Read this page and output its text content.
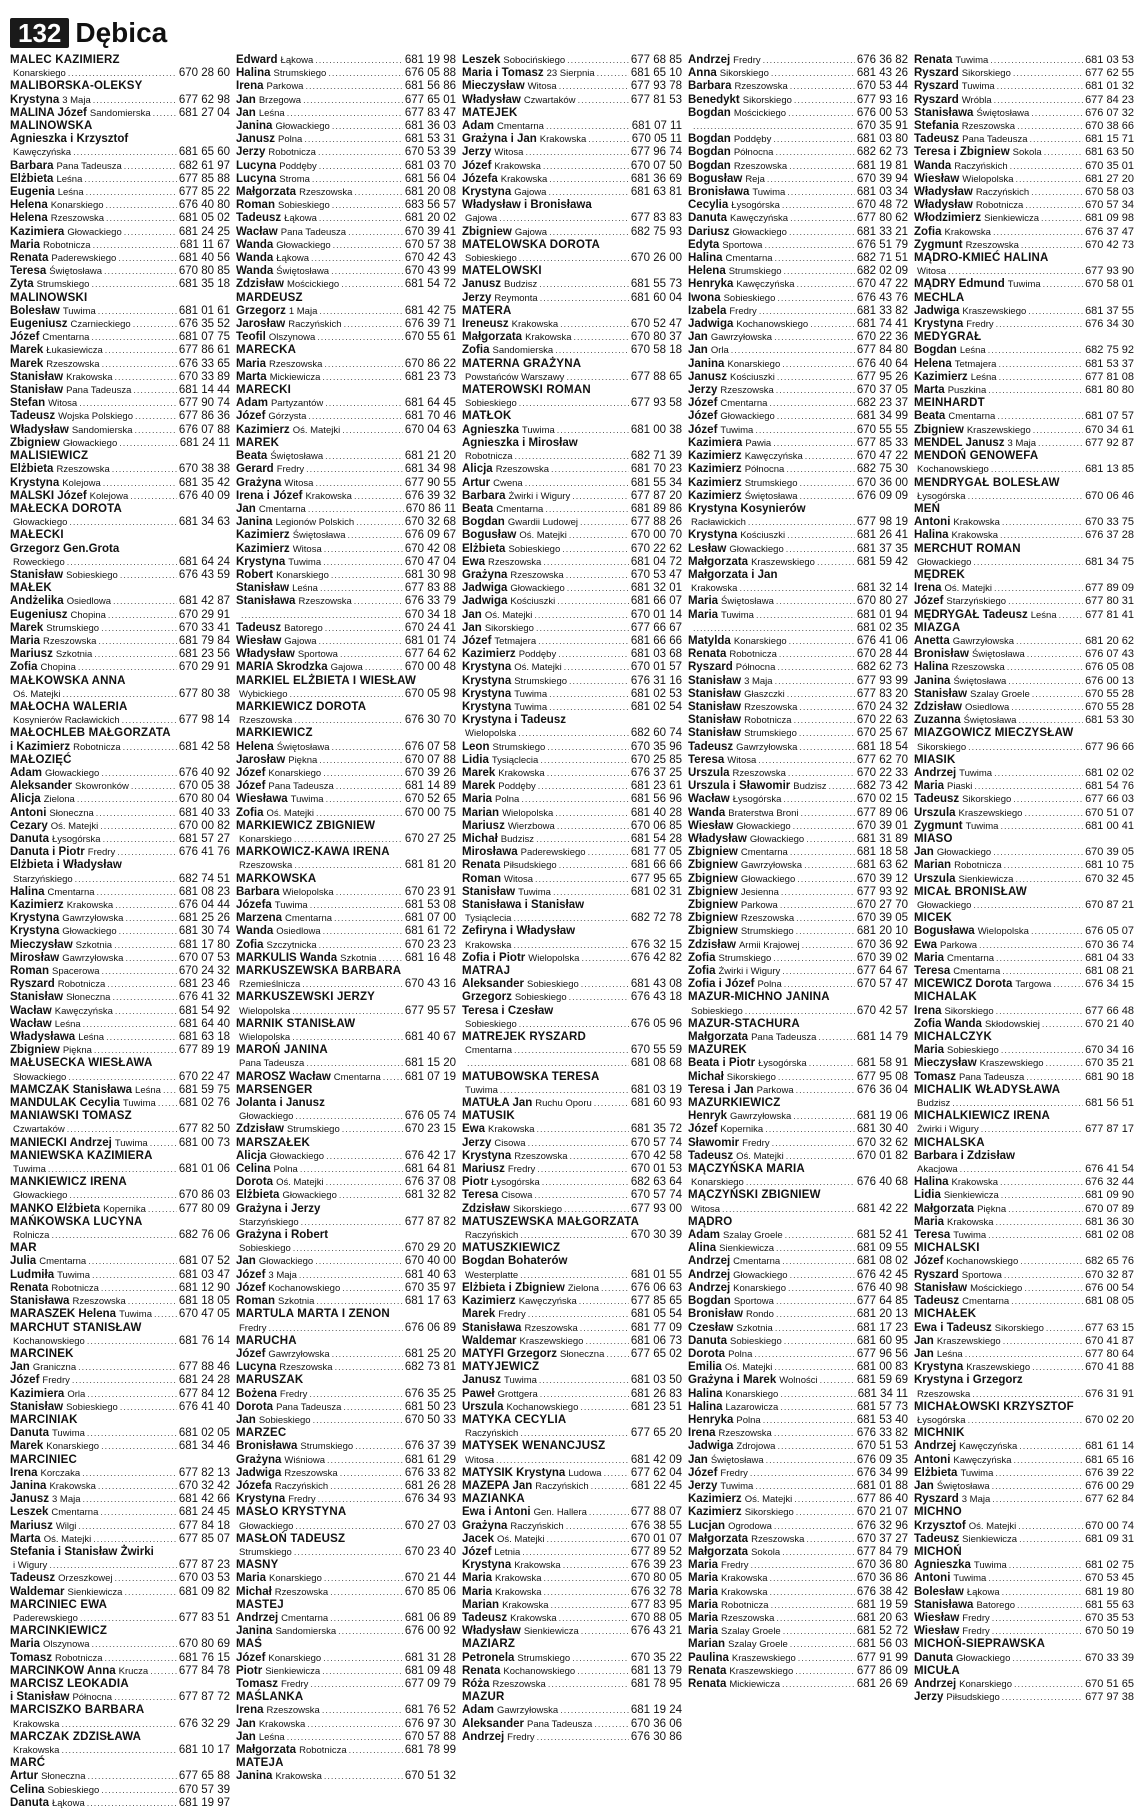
132 Dębica
MALEC KAZIMIERZ
Konarskiego
.....	670 28 60
MALIBORSKA-OLEKSY
Krystyna 3 Maja
.....	677 62 98
MALINA Józef Sandomierska
..... 681 27 04
MALINOWSKA
Agnieszka i Krzysztof
Kawęczyńska
.....	681 65 60
Barbara Pana Tadeusza
.....	682 61 97
Elżbieta Leśna
.....	677 85 88
Eugenia Leśna
.....	677 85 22
Helena Konarskiego
.....	676 40 80
Helena Rzeszowska
.....	681 05 02
Kazimiera Głowackiego
.....	681 24 25
Maria Robotnicza
.....	681 11 67
Renata Paderewskiego
.....	681 40 56
Teresa Świętosława
.....	670 80 85
Zyta Strumskiego
.....	681 35 18
MALINOWSKI
Bolesław Tuwima
.....	681 01 61
Eugeniusz Czarnieckiego
.....	676 35 52
Józef Cmentarna
.....	681 07 75
Marek Łukasiewicza
.....	677 86 61
Marek Rzeszowska
.....	676 33 65
Stanisław Krakowska
.....	670 33 89
Stanisław Pana Tadeusza
.....	681 14 44
Stefan Witosa
.....	677 90 74
Tadeusz Wojska Polskiego
.....	677 86 36
Władysław Sandomierska
.....	676 07 88
Zbigniew Głowackiego
.....	681 24 11
MALISIEWICZ
Elżbieta Rzeszowska
.....	670 38 38
Krystyna Kolejowa
.....	681 35 42
MALSKI Józef Kolejowa
.....	676 40 09
MAŁECKA DOROTA
Głowackiego
.....	681 34 63
MAŁECKI
Grzegorz Gen.Grota
Roweckiego
.....	681 64 24
Stanisław Sobieskiego
.....	676 43 59
MAŁEK
Andżelika Osiedlowa
.....	681 42 87
Eugeniusz Chopina
.....	670 29 91
Marek Strumskiego
.....	670 33 41
Maria Rzeszowska
.....	681 79 84
Mariusz Szkotnia
.....	681 23 56
Zofia Chopina
.....	670 29 91
MAŁKOWSKA ANNA
Oś. Matejki
.....	677 80 38
MAŁOCHA WALERIA
Kosynierów Racławickich
.....	677 98 14
MAŁOCHLEB MAŁGORZATA
i Kazimierz Robotnicza
.....	681 42 58
MAŁOZIĘĆ
Adam Głowackiego
.....	676 40 92
Aleksander Skowronków
.....	670 05 38
Alicja Zielona
.....	670 80 04
Antoni Słoneczna
.....	681 40 33
Cezary Oś. Matejki
.....	670 00 82
Danuta Łysogórska
.....	681 57 27
Danuta i Piotr Fredry
.....	676 41 76
Elżbieta i Władysław
Starzyńskiego
.....	682 74 51
Halina Cmentarna
.....	681 08 23
Kazimierz Krakowska
.....	676 04 44
Krystyna Gawrzyłowska
.....	681 25 26
Krystyna Głowackiego
.....	681 30 74
Mieczysław Szkotnia
.....	681 17 80
Mirosław Gawrzyłowska
.....	670 07 53
Roman Spacerowa
.....	670 24 32
Ryszard Robotnicza
.....	681 23 46
Stanisław Słoneczna
.....	676 41 32
Wacław Kawęczyńska
.....	681 54 92
Wacław Leśna
.....	681 64 40
Władysława Leśna
.....	681 63 18
Zbigniew Piękna
.....	677 89 19
MAŁUSECKA WIESŁAWA
Słowackiego
.....	670 22 47
MAMCZAK Stanisława Leśna
..... 681 59 75
MANDULAK Cecylia Tuwima
..... 681 02 76
MANIAWSKI TOMASZ
Czwartaków
.....	677 82 50
MANIECKI Andrzej Tuwima
.....	681 00 73
MANIEWSKA KAZIMIERA
Tuwima
.....	681 01 06
MANKIEWICZ IRENA
Głowackiego
.....	670 86 03
MAŃKO Elżbieta Kopernika
.....	677 80 09
MAŃKOWSKA LUCYNA
Rolnicza
.....	682 76 06
MAR
Julia Cmentarna
.....	681 07 52
Ludmiła Tuwima
.....	681 03 47
Renata Robotnicza
.....	681 12 90
Stanisława Rzeszowska
.....	681 18 05
MARASZEK Helena Tuwima
..... 670 47 05
MARCHUT STANISŁAW
Kochanowskiego
.....	681 76 14
MARCINEK
Jan Graniczna
.....	677 88 46
Józef Fredry
.....	681 24 28
Kazimiera Orla
.....	677 84 12
Stanisław Sobieskiego
.....	676 41 40
MARCINIAK
Danuta Tuwima
.....	681 02 05
Marek Konarskiego
.....	681 34 46
MARCINIEC
Irena Korczaka
.....	677 82 13
Janina Krakowska
.....	670 32 42
Janusz 3 Maja
.....	681 42 66
Leszek Cmentarna
.....	681 24 45
Mariusz Wilgi
.....	677 84 18
Marta Oś. Matejki
.....	677 85 07
Stefania i Stanisław Żwirki
i Wigury
.....	677 87 23
Tadeusz Orzeszkowej
.....	670 03 53
Waldemar Sienkiewicza
.....	681 09 82
MARCINIEC EWA
Paderewskiego
.....	677 83 51
MARCINKIEWICZ
Maria Olszynowa
.....	670 80 69
Tomasz Robotnicza
.....	681 76 15
MARCINKÓW Anna Krucza
.....	677 84 78
MARCISZ LEOKADIA
i Stanisław Północna
.....	677 87 72
MARCISZKO BARBARA
Krakowska
.....	676 32 29
MARCZAK ZDZISŁAWA
Krakowska
.....	681 10 17
MARĆ
Artur Słoneczna
.....	677 65 88
Celina Sobieskiego
.....	670 57 39
Danuta Łąkowa
.....	681 19 97
Edward Łąkowa
.....	681 19 98
Halina Strumskiego
.....	676 05 88
Irena Parkowa
.....	681 56 86
Jan Brzegowa
.....	677 65 01
Jan Leśna
.....	677 83 47
Janina Głowackiego
.....	681 36 03
Janusz Polna
.....	681 53 31
Jerzy Robotnicza
.....	670 53 39
Lucyna Poddęby
.....	681 03 70
Lucyna Stroma
.....	681 56 04
Małgorzata Rzeszowska
.....	681 20 08
Roman Sobieskiego
.....	683 56 57
Tadeusz Łąkowa
.....	681 20 02
Wacław Pana Tadeusza
.....	670 39 41
Wanda Głowackiego
.....	670 57 38
Wanda Łąkowa
.....	670 42 43
Wanda Świętosława
.....	670 43 99
Zdzisław Mościckiego
.....	681 54 72
MARDEUSZ
Grzegorz 1 Maja
.....	681 42 75
Jarosław Raczyńskich
.....	676 39 71
Teofil Olszynowa
.....	670 55 61
MARECKA
Maria Rzeszowska
.....	670 86 22
Marta Mickiewicza
.....	681 23 73
MARECKI
Adam Partyzantów
.....	681 64 45
Józef Górzysta
.....	681 70 46
Kazimierz Oś. Matejki
.....	670 04 63
MAREK
Beata Świętosława
.....	681 21 20
Gerard Fredry
.....	681 34 98
Grażyna Witosa
.....	677 90 55
Irena i Józef Krakowska
.....	676 39 32
Jan Cmentarna
.....	670 86 11
Janina Legionów Polskich
.....	670 32 68
Kazimierz Świętosława
.....	676 09 67
Kazimierz Witosa
.....	670 42 08
Krystyna Tuwima
.....	670 47 04
Robert Konarskiego
.....	681 30 98
Stanisław Leśna
.....	677 83 88
Stanisława Rzeszowska
.....	676 33 79
.....
670 34 18
Tadeusz Batorego
.....	670 24 41
Wiesław Gajowa
.....	681 01 74
Władysław Sportowa
.....	677 64 62
MARIA Skrodzka Gajowa
.....	670 00 48
MARKIEL ELŻBIETA I WIESŁAW
Wybickiego
.....	670 05 98
MARKIEWICZ DOROTA
Rzeszowska
.....	676 30 70
MARKIEWICZ
Helena Świętosława
.....	676 07 58
Jarosław Piękna
.....	670 07 88
Józef Konarskiego
.....	670 39 26
Józef Pana Tadeusza
.....	681 14 89
Wiesława Tuwima
.....	670 52 65
Zofia Oś. Matejki
.....	670 00 75
MARKIEWICZ ZBIGNIEW
Konarskiego
.....	670 27 25
MARKOWICZ-KAWA IRENA
Rzeszowska
.....	681 81 20
MARKOWSKA
Barbara Wielopolska
.....	670 23 91
Józefa Tuwima
.....	681 53 08
Marzena Cmentarna
.....	681 07 00
Wanda Osiedlowa
.....	681 61 72
Zofia Szczytnicka
.....	670 23 23
MARKULIS Wanda Szkotnia
..... 681 16 48
MARKUSZEWSKA BARBARA
Rzemieślnicza
.....	670 43 16
MARKUSZEWSKI JERZY
Wielopolska
.....	677 95 57
MARNIK STANISŁAW
Wielopolska
.....	681 40 67
MAROŃ JANINA
Pana Tadeusza
.....	681 15 20
MAROSZ Wacław Cmentarna
..... 681 07 19
MARSENGER
Jolanta i Janusz
Głowackiego
.....	676 05 74
Zdzisław Strumskiego
.....	670 23 15
MARSZAŁEK
Alicja Głowackiego
.....	676 42 17
Celina Polna
.....	681 64 81
Dorota Oś. Matejki
.....	676 37 08
Elżbieta Głowackiego
.....	681 32 82
Grażyna i Jerzy
Starzyńskiego
.....	677 87 82
Grażyna i Robert
Sobieskiego
.....	670 29 20
Jan Głowackiego
.....	670 40 00
Józef 3 Maja
.....	681 40 63
Józef Kochanowskiego
.....	670 35 97
Roman Szkotnia
.....	681 17 63
MARTULA MARTA I ZENON
Fredry
.....	676 06 89
MARUCHA
Józef Gawrzyłowska
.....	681 25 20
Lucyna Rzeszowska
.....	682 73 81
MARUSZAK
Bożena Fredry
.....	676 35 25
Dorota Pana Tadeusza
.....	681 50 23
Jan Sobieskiego
.....	670 50 33
MARZEC
Bronisława Strumskiego
.....	676 37 39
Grażyna Wiśniowa
.....	681 61 29
Jadwiga Rzeszowska
.....	676 33 82
Józefa Raczyńskich
.....	681 26 28
Krystyna Fredry
.....	676 34 93
MASŁO KRYSTYNA
Głowackiego
.....	670 27 03
MASŁOŃ TADEUSZ
Strumskiego
.....	670 23 40
MASNY
Maria Konarskiego
.....	670 21 44
Michał Rzeszowska
.....	670 85 06
MASTEJ
Andrzej Cmentarna
.....	681 06 89
Janina Sandomierska
.....	676 00 92
MAŚ
Józef Konarskiego
.....	681 31 28
Piotr Sienkiewicza
.....	681 09 48
Tomasz Fredry
.....	677 09 79
MAŚLANKA
Irena Rzeszowska
.....	681 76 52
Jan Krakowska
.....	676 97 30
Jan Leśna
.....	670 57 88
Małgorzata Robotnicza
.....	681 78 99
MATEJA
Janina Krakowska
.....	670 51 32
Leszek Sobocińskiego
.....	677 68 85
Maria i Tomasz 23 Sierpnia
.....	681 65 10
Mieczysław Witosa
.....	677 93 78
Władysław Czwartaków
.....	677 81 53
MATEJEK
Adam Cmentarna
.....	681 07 11
Grażyna i Jan Krakowska
.....	670 05 11
Jerzy Witosa
.....	677 96 74
Józef Krakowska
.....	670 07 50
Józefa Krakowska
.....	681 36 69
Krystyna Gajowa
.....	681 63 81
Władysław i Bronisława
Gajowa
.....	677 83 83
Zbigniew Gajowa
.....	682 75 93
MATELOWSKA DOROTA
Sobieskiego
.....	670 26 00
MATELOWSKI
Janusz Budzisz
.....	681 55 73
Jerzy Reymonta
.....	681 60 04
MATERA
Ireneusz Krakowska
.....	670 52 47
Małgorzata Krakowska
.....	670 80 37
Zofia Sandomierska
.....	670 58 18
MATERNA GRAŻYNA
Powstańców Warszawy
.....	677 88 65
MATEROWSKI ROMAN
Sobieskiego
.....	677 93 58
MATŁOK
Agnieszka Tuwima
.....	681 00 38
Agnieszka i Mirosław
Robotnicza
.....	682 71 39
Alicja Rzeszowska
.....	681 70 23
Artur Cwena
.....	681 55 34
Barbara Żwirki i Wigury
.....	677 87 20
Beata Cmentarna
.....	681 89 86
Bogdan Gwardii Ludowej
.....	677 88 26
Bogusław Oś. Matejki
.....	670 00 70
Elżbieta Sobieskiego
.....	670 22 62
Ewa Rzeszowska
.....	681 04 72
Grażyna Rzeszowska
.....	670 53 47
Jadwiga Głowackiego
.....	681 32 01
Jadwiga Kościuszki
.....	681 66 07
Jan Oś. Matejki
.....	670 01 14
Jan Sikorskiego
.....	677 66 67
Józef Tetmajera
.....	681 66 66
Kazimierz Poddęby
.....	681 03 68
Krystyna Oś. Matejki
.....	670 01 57
Krystyna Strumskiego
.....	676 31 16
Krystyna Tuwima
.....	681 02 53
Krystyna Tuwima
.....	681 02 54
Krystyna i Tadeusz
Wielopolska
.....	682 60 74
Leon Strumskiego
.....	670 35 96
Lidia Tysiąclecia
.....	670 25 85
Marek Krakowska
.....	676 37 25
Marek Poddęby
.....	681 23 61
Maria Polna
.....	681 56 96
Marian Wielopolska
.....	681 40 28
Mariusz Wierzbowa
.....	670 06 85
Michał Budzisz
.....	681 54 28
Mirosława Paderewskiego
.....	681 77 05
Renata Piłsudskiego
.....	681 66 66
Roman Witosa
.....	677 95 65
Stanisław Tuwima
.....	681 02 31
Stanisława i Stanisław
Tysiąclecia
.....	682 72 78
Zefiryna i Władysław
Krakowska
.....	676 32 15
Zofia i Piotr Wielopolska
.....	676 42 82
MATRAJ
Aleksander Sobieskiego
.....	681 43 08
Grzegorz Sobieskiego
.....	676 43 18
Teresa i Czesław
Sobieskiego
.....	676 05 96
MATREJEK RYSZARD
Cmentarna
.....	670 55 59
.....
681 08 68
MATUBOWSKA TERESA
Tuwima
.....	681 03 19
MATUŁA Jan Ruchu Oporu
.....	681 60 93
MATUSIK
Ewa Krakowska
.....	681 35 72
Jerzy Cisowa
.....	670 57 74
Krystyna Rzeszowska
.....	670 42 58
Mariusz Fredry
.....	670 01 53
Piotr Łysogórska
.....	682 63 64
Teresa Cisowa
.....	670 57 74
Zdzisław Sikorskiego
.....	677 93 00
MATUSZEWSKA MAŁGORZATA
Raczyńskich
.....	670 30 39
MATUSZKIEWICZ
Bogdan Bohaterów
Westerplatte
.....	681 01 55
Elżbieta i Zbigniew Zielona
.....	676 06 63
Kazimierz Kawęczyńska
.....	677 85 65
Marek Fredry
.....	681 05 54
Stanisława Rzeszowska
.....	681 77 09
Waldemar Kraszewskiego
.....	681 06 73
MATYFI Grzegorz Słoneczna
..... 677 65 02
MATYJEWICZ
Janusz Tuwima
.....	681 03 50
Paweł Grottgera
.....	681 26 83
Urszula Kochanowskiego
.....	681 23 51
MATYKA CECYLIA
Raczyńskich
.....	677 65 20
MATYSEK WENANCJUSZ
Witosa
.....	681 42 09
MATYSIK Krystyna Ludowa
.....	677 62 04
MAZEPA Jan Raczyńskich
.....	681 22 45
MAZIANKA
Ewa i Antoni Gen. Hallera
.....	677 88 07
Grażyna Raczyńskich
.....	676 38 55
Jacek Oś. Matejki
.....	670 01 07
Józef Letnia
.....	677 89 52
Krystyna Krakowska
.....	676 39 23
Maria Krakowska
.....	670 80 05
Maria Krakowska
.....	676 32 78
Marian Krakowska
.....	677 83 95
Tadeusz Krakowska
.....	670 88 05
Władysław Sienkiewicza
.....	676 43 21
MAZIARZ
Petronela Strumskiego
.....	670 35 22
Renata Kochanowskiego
.....	681 13 79
Róża Rzeszowska
.....	681 78 95
MAZUR
Adam Gawrzyłowska
.....	681 19 24
Aleksander Pana Tadeusza
.....	670 36 06
Andrzej Fredry
.....	676 30 86
Andrzej Fredry
.....	676 36 82
Anna Sikorskiego
.....	681 43 26
Barbara Rzeszowska
.....	670 53 44
Benedykt Sikorskiego
.....	677 93 16
Bogdan Mościckiego
.....	676 00 53
.....
670 35 91
Bogdan Poddęby
.....	681 03 80
Bogdan Północna
.....	682 62 73
Bogdan Rzeszowska
.....	681 19 81
Bogusław Reja
.....	670 39 94
Bronisława Tuwima
.....	681 03 34
Cecylia Łysogórska
.....	670 48 72
Danuta Kawęczyńska
.....	677 80 62
Dariusz Głowackiego
.....	681 33 21
Edyta Sportowa
.....	676 51 79
Halina Cmentarna
.....	682 71 51
Helena Strumskiego
.....	682 02 09
Henryka Kawęczyńska
.....	670 47 22
Iwona Sobieskiego
.....	676 43 76
Izabela Fredry
.....	681 33 82
Jadwiga Kochanowskiego
.....	681 74 41
Jan Gawrzyłowska
.....	670 22 36
Jan Orla
.....	677 84 80
Janina Konarskiego
.....	676 40 64
Janusz Kościuszki
.....	677 95 26
Jerzy Rzeszowska
.....	670 37 05
Józef Cmentarna
.....	682 23 37
Józef Głowackiego
.....	681 34 99
Józef Tuwima
.....	670 55 55
Kazimiera Pawia
.....	677 85 33
Kazimierz Kawęczyńska
.....	670 47 22
Kazimierz Północna
.....	682 75 30
Kazimierz Strumskiego
.....	670 36 00
Kazimierz Świętosława
.....	676 09 09
Krystyna Kosynierów
Racławickich
.....	677 98 19
Krystyna Kościuszki
.....	681 26 41
Lesław Głowackiego
.....	681 37 35
Małgorzata Kraszewskiego
.....	681 59 42
Małgorzata i Jan
Krakowska
.....	681 32 14
Maria Świętosława
.....	670 80 27
Maria Tuwima
.....	681 01 94
.....
681 02 35
Matylda Konarskiego
.....	676 41 06
Renata Robotnicza
.....	670 28 44
Ryszard Północna
.....	682 62 73
Stanisław 3 Maja
.....	677 93 99
Stanisław Głaszczki
.....	677 83 20
Stanisław Rzeszowska
.....	670 24 32
Stanisław Robotnicza
.....	670 22 63
Stanisław Strumskiego
.....	670 25 67
Tadeusz Gawrzyłowska
.....	681 18 54
Teresa Witosa
.....	677 62 70
Urszula Rzeszowska
.....	670 22 33
Urszula i Sławomir Budzisz
.....	682 73 42
Wacław Łysogórska
.....	670 02 15
Wanda Braterstwa Broni
.....	677 89 06
Wiesław Głowackiego
.....	670 39 01
Władysław Głowackiego
.....	681 31 89
Zbigniew Cmentarna
.....	681 18 58
Zbigniew Gawrzyłowska
.....	681 63 62
Zbigniew Głowackiego
.....	670 39 12
Zbigniew Jesienna
.....	677 93 92
Zbigniew Parkowa
.....	670 27 70
Zbigniew Rzeszowska
.....	670 39 05
Zbigniew Strumskiego
.....	681 20 10
Zdzisław Armii Krajowej
.....	670 36 92
Zofia Strumskiego
.....	670 39 02
Zofia Żwirki i Wigury
.....	677 64 67
Zofia i Józef Polna
.....	670 57 47
MAZUR-MICHNO JANINA
Sobieskiego
.....	670 42 57
MAZUR-STACHURA
Małgorzata Pana Tadeusza
.....	681 14 79
MAZUREK
Beata i Piotr Łysogórska
.....	681 58 91
Michał Sikorskiego
.....	677 95 08
Teresa i Jan Parkowa
.....	676 36 04
MAZURKIEWICZ
Henryk Gawrzyłowska
.....	681 19 06
Józef Kopernika
.....	681 30 40
Sławomir Fredry
.....	670 32 62
Tadeusz Oś. Matejki
.....	670 01 82
MĄCZYŃSKA MARIA
Konarskiego
.....	676 40 68
MĄCZYŃSKI ZBIGNIEW
Witosa
.....	681 42 22
MĄDRO
Adam Szalay Groele
.....	681 52 41
Alina Sienkiewicza
.....	681 09 55
Andrzej Cmentarna
.....	681 08 02
Andrzej Głowackiego
.....	676 42 45
Andrzej Konarskiego
.....	676 40 98
Bogdan Sportowa
.....	677 64 85
Bronisław Rondo
.....	681 20 13
Czesław Szkotnia
.....	681 17 23
Danuta Sobieskiego
.....	681 60 95
Dorota Polna
.....	677 96 56
Emilia Oś. Matejki
.....	681 00 83
Grażyna i Marek Wolności
.....	681 59 69
Halina Konarskiego
.....	681 34 11
Halina Lazarowicza
.....	681 57 73
Henryka Polna
.....	681 53 40
Irena Rzeszowska
.....	676 33 82
Jadwiga Zdrojowa
.....	670 51 53
Jan Świętosława
.....	676 09 35
Józef Fredry
.....	676 34 99
Jerzy Tuwima
.....	681 01 88
Kazimierz Oś. Matejki
.....	677 86 40
Kazimierz Sikorskiego
.....	670 21 07
Lucjan Ogrodowa
.....	676 32 96
Małgorzata Rzeszowska
.....	670 37 27
Małgorzata Sokola
.....	677 84 79
Maria Fredry
.....	670 36 80
Maria Krakowska
.....	670 36 86
Maria Krakowska
.....	676 38 42
Maria Robotnicza
.....	681 19 59
Maria Rzeszowska
.....	681 20 63
Maria Szalay Groele
.....	681 52 72
Marian Szalay Groele
.....	681 56 03
Paulina Kraszewskiego
.....	677 91 99
Renata Kraszewskiego
.....	677 86 09
Renata Mickiewicza
.....	681 26 69
Renata Tuwima
.....	681 03 53
Ryszard Sikorskiego
.....	677 62 55
Ryszard Tuwima
.....	681 01 32
Ryszard Wróbla
.....	677 84 23
Stanisława Świętosława
.....	676 07 32
Stefania Rzeszowska
.....	670 38 66
Tadeusz Pana Tadeusza
.....	681 15 71
Teresa i Zbigniew Sokola
.....	681 63 50
Wanda Raczyńskich
.....	670 35 01
Wiesław Wielopolska
.....	681 27 20
Władysław Raczyńskich
.....	670 58 03
Władysław Robotnicza
.....	670 57 34
Włodzimierz Sienkiewicza
.....	681 09 98
Zofia Krakowska
.....	676 37 47
Zygmunt Rzeszowska
.....	670 42 73
MĄDRO-KMIEĆ HALINA
Witosa
.....	677 93 90
MĄDRY Edmund Tuwima
.....	670 58 01
MECHLA
Jadwiga Kraszewskiego
.....	681 37 55
Krystyna Fredry
.....	676 34 30
MEDYGRAŁ
Bogdan Leśna
.....	682 75 92
Helena Tetmajera
.....	681 53 37
Kazimierz Leśna
.....	677 81 08
Marta Puszkina
.....	681 80 80
MEINHARDT
Beata Cmentarna
.....	681 07 57
Zbigniew Kraszewskiego
.....	670 34 61
MENDEL Janusz 3 Maja
.....	677 92 87
MENDOŃ GENOWEFA
Kochanowskiego
.....	681 13 85
MENDRYGAŁ BOLESŁAW
Łysogórska
.....	670 06 46
MEŃ
Antoni Krakowska
.....	670 33 75
Halina Krakowska
.....	676 37 28
MERCHUT ROMAN
Głowackiego
.....	681 34 75
MĘDREK
Irena Oś. Matejki
.....	677 89 09
Józef Starzyńskiego
.....	677 80 31
MĘDRYGAŁ Tadeusz Leśna
.....	677 81 41
MIAZGA
Anetta Gawrzyłowska
.....	681 20 62
Bronisław Świętosława
.....	676 07 43
Halina Rzeszowska
.....	676 05 08
Janina Świętosława
.....	676 00 13
Stanisław Szalay Groele
.....	670 55 28
Zdzisław Osiedlowa
.....	670 55 28
Zuzanna Świętosława
.....	681 53 30
MIAZGOWICZ MIECZYSŁAW
Sikorskiego
.....	677 96 66
MIASIK
Andrzej Tuwima
.....	681 02 02
Maria Piaski
.....	681 54 76
Tadeusz Sikorskiego
.....	677 66 03
Urszula Kraszewskiego
.....	670 51 07
Zygmunt Tuwima
.....	681 00 41
MIASO
Jan Głowackiego
.....	670 39 05
Marian Robotnicza
.....	681 10 75
Urszula Sienkiewicza
.....	670 32 45
MICAŁ BRONISŁAW
Głowackiego
.....	670 87 21
MICEK
Bogusława Wielopolska
.....	676 05 07
Ewa Parkowa
.....	670 36 74
Maria Cmentarna
.....	681 04 33
Teresa Cmentarna
.....	681 08 21
MICEWICZ Dorota Targowa
.....	676 34 15
MICHALAK
Irena Sikorskiego
.....	677 66 48
Zofia Wanda Skłodowskiej
.....	670 21 40
MICHALCZYK
Maria Sobieskiego
.....	670 34 16
Mieczysław Kraszewskiego
.....	670 35 21
Tomasz Pana Tadeusza
.....	681 90 18
MICHALIK WŁADYSŁAWA
Budzisz
.....	681 56 51
MICHALKIEWICZ IRENA
Żwirki i Wigury
.....	677 87 17
MICHALSKA
Barbara i Zdzisław
Akacjowa
.....	676 41 54
Halina Krakowska
.....	676 32 44
Lidia Sienkiewicza
.....	681 09 90
Małgorzata Piękna
.....	670 07 89
Maria Krakowska
.....	681 36 30
Teresa Tuwima
.....	681 02 08
MICHALSKI
Józef Kochanowskiego
.....	682 65 76
Ryszard Sportowa
.....	670 32 87
Stanisław Mościckiego
.....	676 00 54
Tadeusz Cmentarna
.....	681 08 05
MICHAŁEK
Ewa i Tadeusz Sikorskiego
.....	677 63 15
Jan Kraszewskiego
.....	670 41 87
Jan Leśna
.....	677 80 64
Krystyna Kraszewskiego
.....	670 41 88
Krystyna i Grzegorz
Rzeszowska
.....	676 31 91
MICHAŁOWSKI KRZYSZTOF
Łysogórska
.....	670 02 20
MICHNIK
Andrzej Kawęczyńska
.....	681 61 14
Antoni Kawęczyńska
.....	681 65 16
Elżbieta Tuwima
.....	676 39 22
Jan Świętosława
.....	676 00 29
Ryszard 3 Maja
.....	677 62 84
MICHNO
Krzysztof Oś. Matejki
.....	670 00 74
Tadeusz Sienkiewicza
.....	681 09 31
MICHOŃ
Agnieszka Tuwima
.....	681 02 75
Antoni Tuwima
.....	670 53 45
Bolesław Łąkowa
.....	681 19 80
Stanisława Batorego
.....	681 55 63
Wiesław Fredry
.....	670 35 53
Wiesław Fredry
.....	670 50 19
MICHOŃ-SIEPRAWSKA
Danuta Głowackiego
.....	670 33 39
MICUŁA
Andrzej Konarskiego
.....	670 51 65
Jerzy Piłsudskiego
.....	677 97 38
